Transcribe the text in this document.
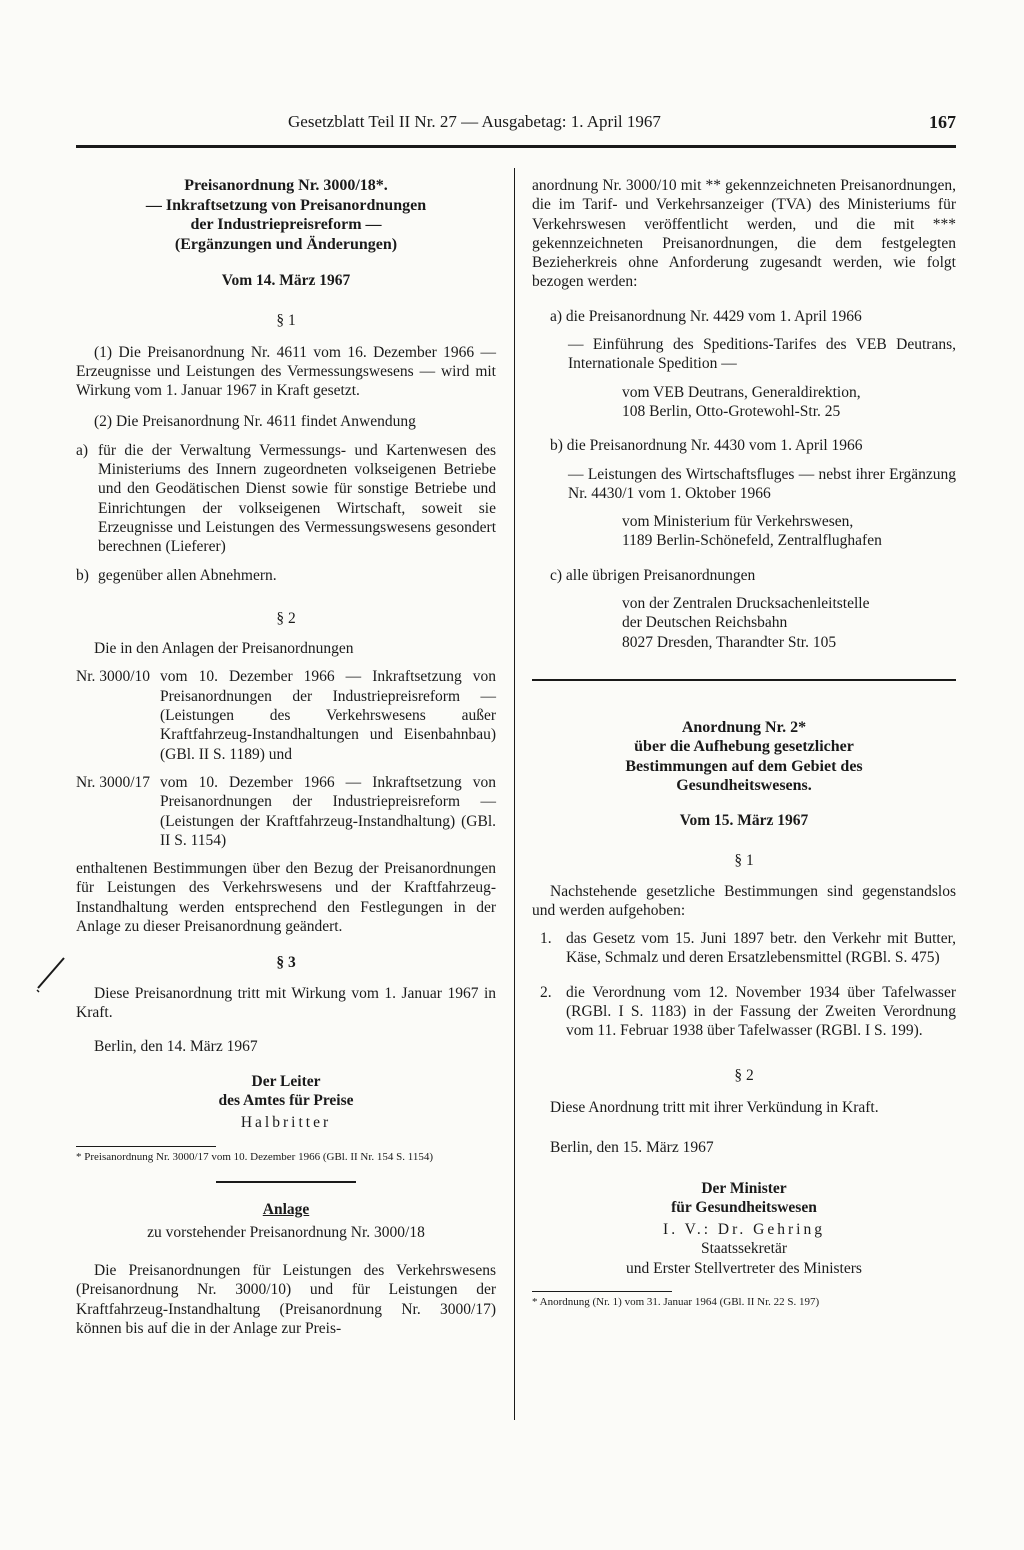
Gesetzblatt Teil II Nr. 27 — Ausgabetag: 1. April 1967	167
Preisanordnung Nr. 3000/18*.
— Inkraftsetzung von Preisanordnungen
der Industriepreisreform —
(Ergänzungen und Änderungen)

Vom 14. März 1967

§ 1

(1) Die Preisanordnung Nr. 4611 vom 16. Dezember 1966 — Erzeugnisse und Leistungen des Vermessungswesens — wird mit Wirkung vom 1. Januar 1967 in Kraft gesetzt.

(2) Die Preisanordnung Nr. 4611 findet Anwendung

a) für die der Verwaltung Vermessungs- und Kartenwesen des Ministeriums des Innern zugeordneten volkseigenen Betriebe und den Geodätischen Dienst sowie für sonstige Betriebe und Einrichtungen der volkseigenen Wirtschaft, soweit sie Erzeugnisse und Leistungen des Vermessungswesens gesondert berechnen (Lieferer)
b) gegenüber allen Abnehmern.

§ 2

Die in den Anlagen der Preisanordnungen

Nr. 3000/10 vom 10. Dezember 1966 — Inkraftsetzung von Preisanordnungen der Industriepreisreform — (Leistungen des Verkehrswesens außer Kraftfahrzeug-Instandhaltungen und Eisenbahnbau) (GBl. II S. 1189) und
Nr. 3000/17 vom 10. Dezember 1966 — Inkraftsetzung von Preisanordnungen der Industriepreisreform — (Leistungen der Kraftfahrzeug-Instandhaltung) (GBl. II S. 1154)

enthaltenen Bestimmungen über den Bezug der Preisanordnungen für Leistungen des Verkehrswesens und der Kraftfahrzeug-Instandhaltung werden entsprechend den Festlegungen in der Anlage zu dieser Preisanordnung geändert.

§ 3

Diese Preisanordnung tritt mit Wirkung vom 1. Januar 1967 in Kraft.

Berlin, den 14. März 1967

Der Leiter

des Amtes für Preise

Halbritter

* Preisanordnung Nr. 3000/17 vom 10. Dezember 1966 (GBl. II Nr. 154 S. 1154)

Anlage

zu vorstehender Preisanordnung Nr. 3000/18

Die Preisanordnungen für Leistungen des Verkehrswesens (Preisanordnung Nr. 3000/10) und für Leistungen der Kraftfahrzeug-Instandhaltung (Preisanordnung Nr. 3000/17) können bis auf die in der Anlage zur Preis-

anordnung Nr. 3000/10 mit ** gekennzeichneten Preisanordnungen, die im Tarif- und Verkehrsanzeiger (TVA) des Ministeriums für Verkehrswesen veröffentlicht werden, und die mit *** gekennzeichneten Preisanordnungen, die dem festgelegten Bezieherkreis ohne Anforderung zugesandt werden, wie folgt bezogen werden:

a) die Preisanordnung Nr. 4429 vom 1. April 1966

— Einführung des Speditions-Tarifes des VEB Deutrans, Internationale Spedition —

vom VEB Deutrans, Generaldirektion,

108 Berlin, Otto-Grotewohl-Str. 25

b) die Preisanordnung Nr. 4430 vom 1. April 1966

— Leistungen des Wirtschaftsfluges — nebst ihrer Ergänzung Nr. 4430/1 vom 1. Oktober 1966

vom Ministerium für Verkehrswesen,

1189 Berlin-Schönefeld, Zentralflughafen

c) alle übrigen Preisanordnungen

von der Zentralen Drucksachenleitstelle

der Deutschen Reichsbahn

8027 Dresden, Tharandter Str. 105

Anordnung Nr. 2*
über die Aufhebung gesetzlicher
Bestimmungen auf dem Gebiet des
Gesundheitswesens.

Vom 15. März 1967

§ 1

Nachstehende gesetzliche Bestimmungen sind gegenstandslos und werden aufgehoben:

1. das Gesetz vom 15. Juni 1897 betr. den Verkehr mit Butter, Käse, Schmalz und deren Ersatzlebensmittel (RGBl. S. 475)
2. die Verordnung vom 12. November 1934 über Tafelwasser (RGBl. I S. 1183) in der Fassung der Zweiten Verordnung vom 11. Februar 1938 über Tafelwasser (RGBl. I S. 199).

§ 2

Diese Anordnung tritt mit ihrer Verkündung in Kraft.

Berlin, den 15. März 1967

Der Minister

für Gesundheitswesen

I. V.: Dr. Gehring

Staatssekretär

und Erster Stellvertreter des Ministers

* Anordnung (Nr. 1) vom 31. Januar 1964 (GBl. II Nr. 22 S. 197)
